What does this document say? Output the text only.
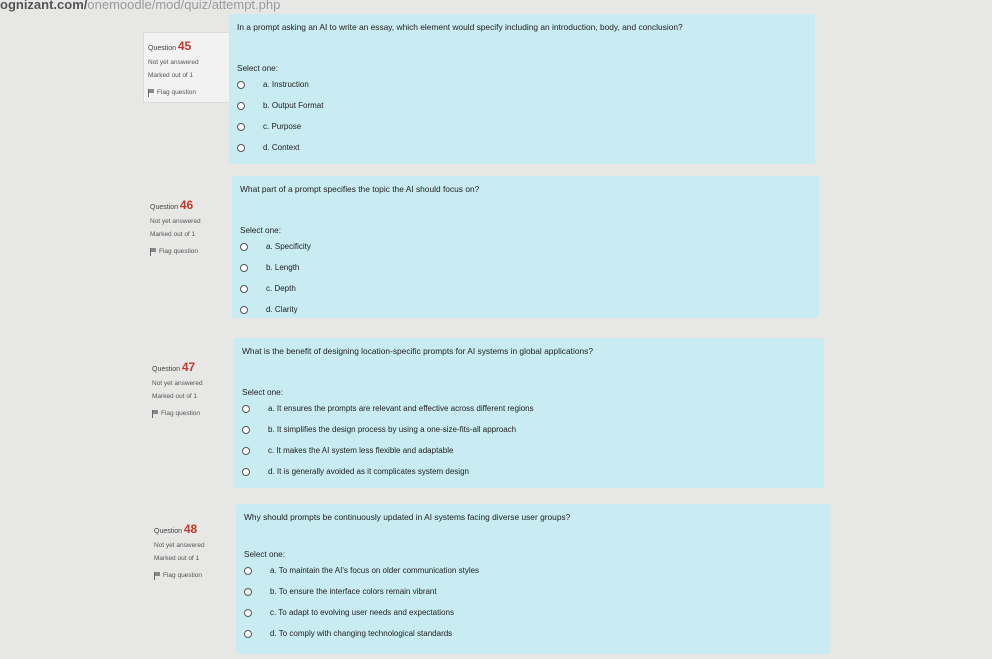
ognizant.com/onemoodle/mod/quiz/attempt.php
Question 45
Not yet answered
Marked out of 1
Flag question
In a prompt asking an AI to write an essay, which element would specify including an introduction, body, and conclusion?
Select one:
a. Instruction
b. Output Format
c. Purpose
d. Context
Question 46
Not yet answered
Marked out of 1
Flag question
What part of a prompt specifies the topic the AI should focus on?
Select one:
a. Specificity
b. Length
c. Depth
d. Clarity
Question 47
Not yet answered
Marked out of 1
Flag question
What is the benefit of designing location-specific prompts for AI systems in global applications?
Select one:
a. It ensures the prompts are relevant and effective across different regions
b. It simplifies the design process by using a one-size-fits-all approach
c. It makes the AI system less flexible and adaptable
d. It is generally avoided as it complicates system design
Question 48
Not yet answered
Marked out of 1
Flag question
Why should prompts be continuously updated in AI systems facing diverse user groups?
Select one:
a. To maintain the AI's focus on older communication styles
b. To ensure the interface colors remain vibrant
c. To adapt to evolving user needs and expectations
d. To comply with changing technological standards
